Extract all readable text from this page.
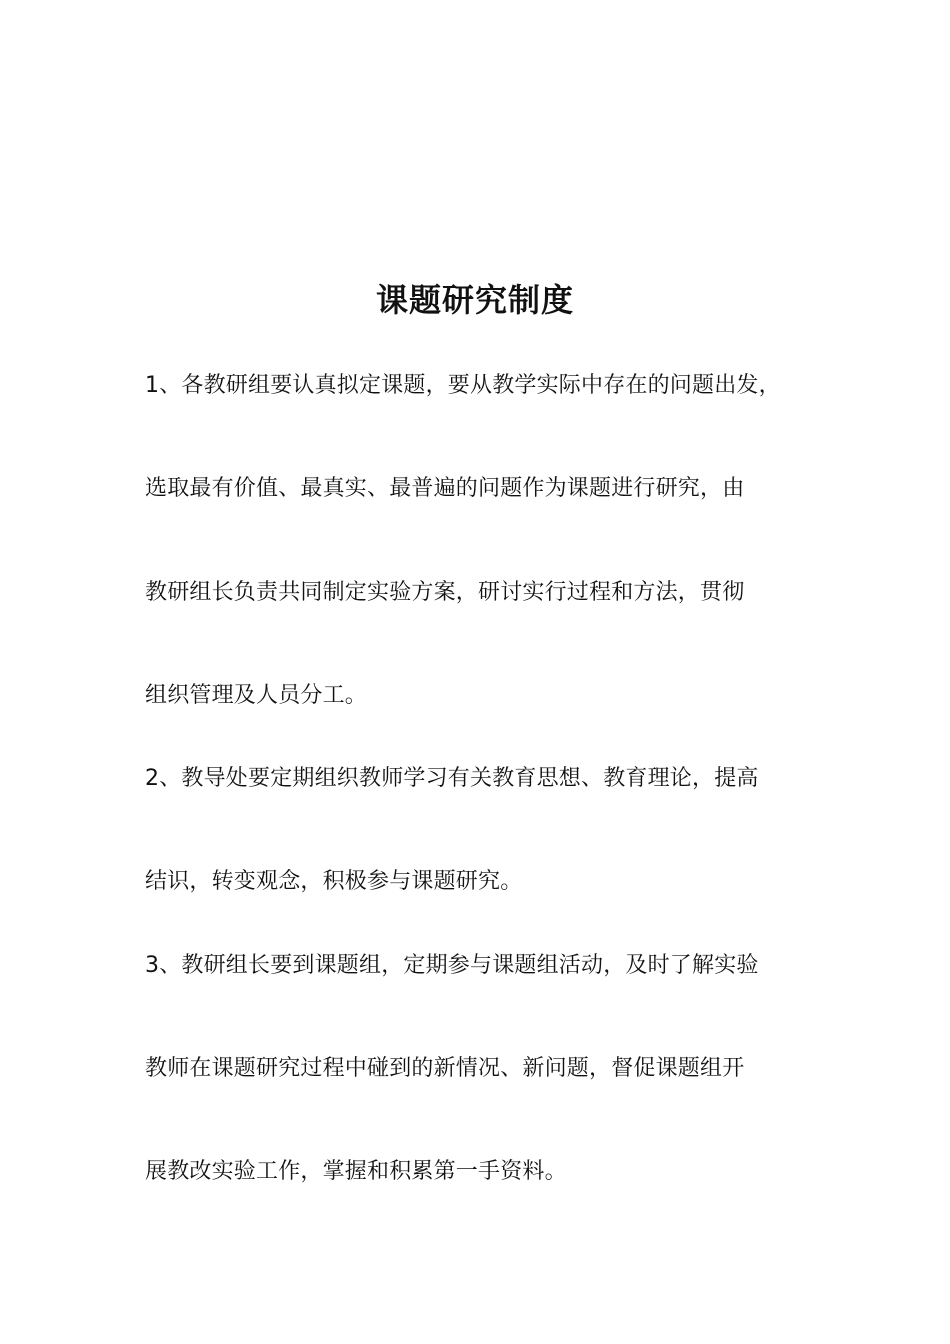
课题研究制度

1、各教研组要认真拟定课题，要从教学实际中存在的问题出发，

选取最有价值、最真实、最普遍的问题作为课题进行研究，由

教研组长负责共同制定实验方案，研讨实行过程和方法，贯彻

组织管理及人员分工。

2、教导处要定期组织教师学习有关教育思想、教育理论，提高

结识，转变观念，积极参与课题研究。

3、教研组长要到课题组，定期参与课题组活动，及时了解实验

教师在课题研究过程中碰到的新情况、新问题，督促课题组开

展教改实验工作，掌握和积累第一手资料。
